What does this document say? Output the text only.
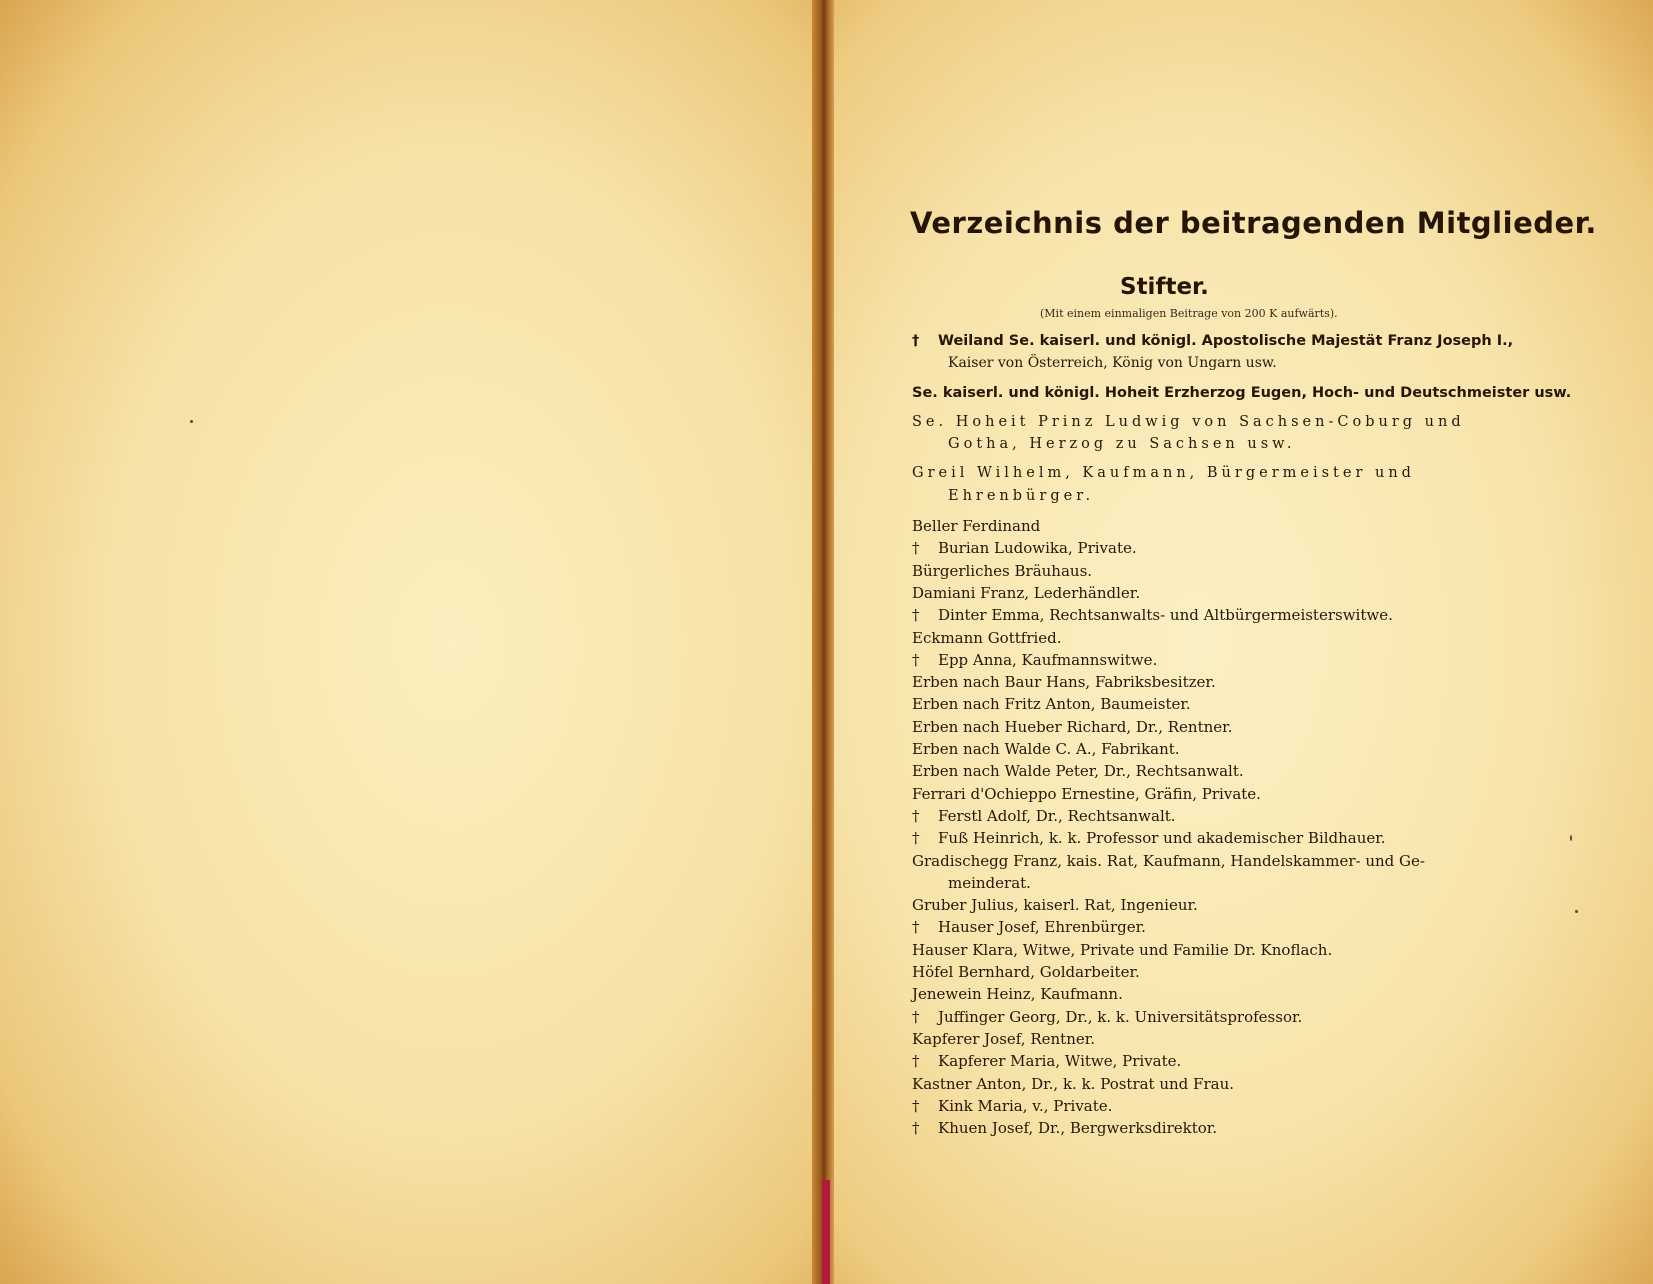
Verzeichnis der beitragenden Mitglieder.
Stifter.
(Mit einem einmaligen Beitrage von 200 K aufwärts).
† Weiland Se. kaiserl. und königl. Apostolische Majestät Franz Joseph I.,
Kaiser von Österreich, König von Ungarn usw.
Se. kaiserl. und königl. Hoheit Erzherzog Eugen, Hoch- und Deutschmeister usw.
Se. Hoheit Prinz Ludwig von Sachsen-Coburg und
Gotha, Herzog zu Sachsen usw.
Greil Wilhelm, Kaufmann, Bürgermeister und
Ehrenbürger.
Beller Ferdinand
† Burian Ludowika, Private.
Bürgerliches Bräuhaus.
Damiani Franz, Lederhändler.
† Dinter Emma, Rechtsanwalts- und Altbürgermeisterswitwe.
Eckmann Gottfried.
† Epp Anna, Kaufmannswitwe.
Erben nach Baur Hans, Fabriksbesitzer.
Erben nach Fritz Anton, Baumeister.
Erben nach Hueber Richard, Dr., Rentner.
Erben nach Walde C. A., Fabrikant.
Erben nach Walde Peter, Dr., Rechtsanwalt.
Ferrari d'Ochieppo Ernestine, Gräfin, Private.
† Ferstl Adolf, Dr., Rechtsanwalt.
† Fuß Heinrich, k. k. Professor und akademischer Bildhauer.
Gradischegg Franz, kais. Rat, Kaufmann, Handelskammer- und Ge-
meinderat.
Gruber Julius, kaiserl. Rat, Ingenieur.
† Hauser Josef, Ehrenbürger.
Hauser Klara, Witwe, Private und Familie Dr. Knoflach.
Höfel Bernhard, Goldarbeiter.
Jenewein Heinz, Kaufmann.
† Juffinger Georg, Dr., k. k. Universitätsprofessor.
Kapferer Josef, Rentner.
† Kapferer Maria, Witwe, Private.
Kastner Anton, Dr., k. k. Postrat und Frau.
† Kink Maria, v., Private.
† Khuen Josef, Dr., Bergwerksdirektor.
